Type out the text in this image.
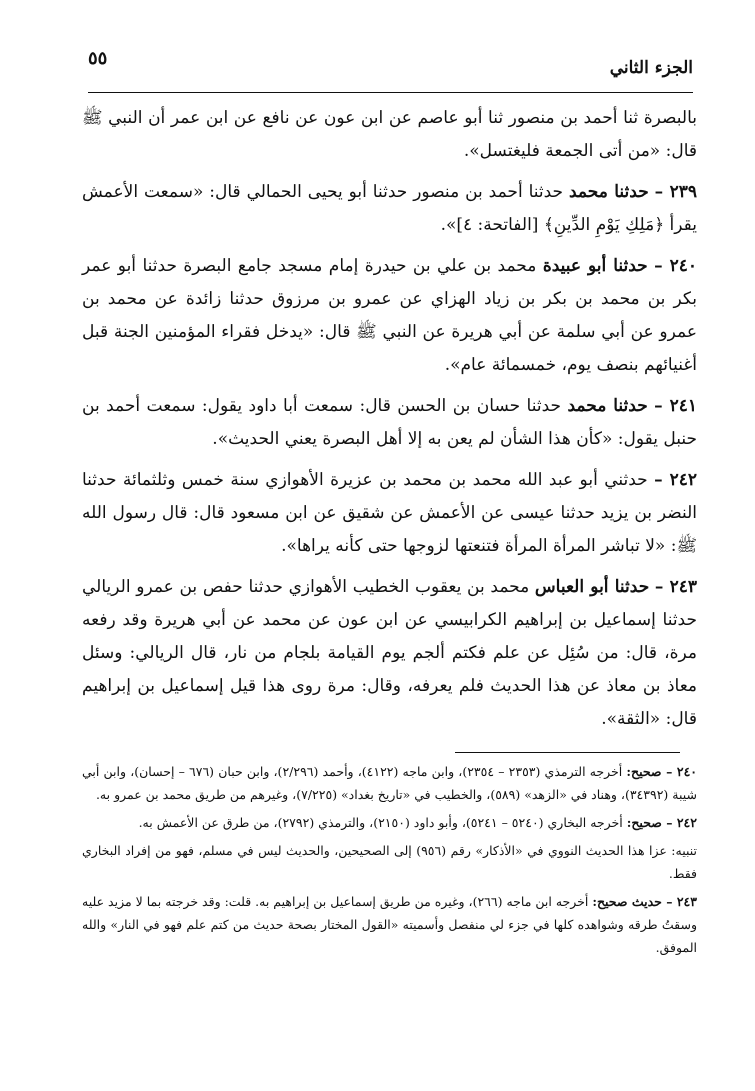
٥٥	الجزء الثاني

بالبصرة ثنا أحمد بن منصور ثنا أبو عاصم عن ابن عون عن نافع عن ابن عمر أن النبي ﷺ قال: «من أتى الجمعة فليغتسل».

٢٣٩ – حدثنا محمد حدثنا أحمد بن منصور حدثنا أبو يحيى الحمالي قال: «سمعت الأعمش يقرأ ﴿مَلِكِ يَوْمِ الدِّينِ﴾ [الفاتحة: ٤]».

٢٤٠ – حدثنا أبو عبيدة محمد بن علي بن حيدرة إمام مسجد جامع البصرة حدثنا أبو عمر بكر بن محمد بن بكر بن زياد الهزاي عن عمرو بن مرزوق حدثنا زائدة عن محمد بن عمرو عن أبي سلمة عن أبي هريرة عن النبي ﷺ قال: «يدخل فقراء المؤمنين الجنة قبل أغنيائهم بنصف يوم، خمسمائة عام».

٢٤١ – حدثنا محمد حدثنا حسان بن الحسن قال: سمعت أبا داود يقول: سمعت أحمد بن حنبل يقول: «كأن هذا الشأن لم يعن به إلا أهل البصرة يعني الحديث».

٢٤٢ – حدثني أبو عبد الله محمد بن محمد بن عزيرة الأهوازي سنة خمس وثلثمائة حدثنا النضر بن يزيد حدثنا عيسى عن الأعمش عن شقيق عن ابن مسعود قال: قال رسول الله ﷺ: «لا تباشر المرأة المرأة فتنعتها لزوجها حتى كأنه يراها».

٢٤٣ – حدثنا أبو العباس محمد بن يعقوب الخطيب الأهوازي حدثنا حفص بن عمرو الريالي حدثنا إسماعيل بن إبراهيم الكرابيسي عن ابن عون عن محمد عن أبي هريرة وقد رفعه مرة، قال: من سُئِل عن علم فكتم ألجم يوم القيامة بلجام من نار، قال الريالي: وسئل معاذ بن معاذ عن هذا الحديث فلم يعرفه، وقال: مرة روى هذا قيل إسماعيل بن إبراهيم قال: «الثقة».

٢٤٠ – صحيح: أخرجه الترمذي (٢٣٥٣ – ٢٣٥٤)، وابن ماجه (٤١٢٢)، وأحمد (٢/٢٩٦)، وابن حبان (٦٧٦ – إحسان)، وابن أبي شيبة (٣٤٣٩٢)، وهناد في «الزهد» (٥٨٩)، والخطيب في «تاريخ بغداد» (٧/٢٢٥)، وغيرهم من طريق محمد بن عمرو به.

٢٤٢ – صحيح: أخرجه البخاري (٥٢٤٠ – ٥٢٤١)، وأبو داود (٢١٥٠)، والترمذي (٢٧٩٢)، من طرق عن الأعمش به.

تنبيه: عزا هذا الحديث النووي في «الأذكار» رقم (٩٥٦) إلى الصحيحين، والحديث ليس في مسلم، فهو من إفراد البخاري فقط.

٢٤٣ – حديث صحيح: أخرجه ابن ماجه (٢٦٦)، وغيره من طريق إسماعيل بن إبراهيم به. قلت: وقد خرجته بما لا مزيد عليه وسقتُ طرقه وشواهده كلها في جزء لي منفصل وأسميته «القول المختار بصحة حديث من كتم علم فهو في النار» والله الموفق.
